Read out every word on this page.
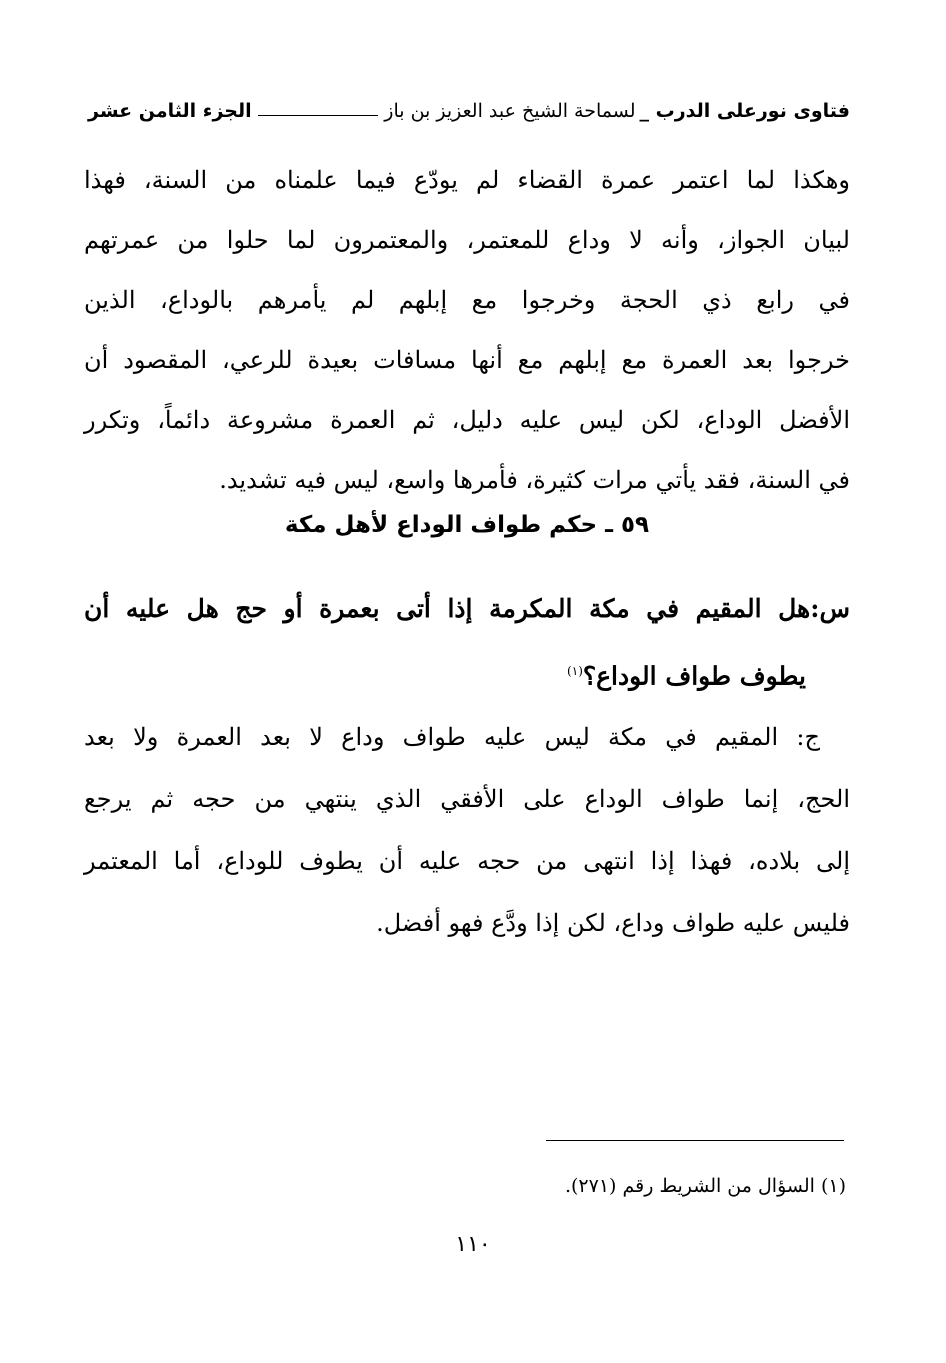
فتاوى نورعلى الدرب _
لسماحة الشيخ عبد العزيز بن باز
الجزء الثامن عشر
وهكذا لما اعتمر عمرة القضاء لم يودّع فيما علمناه من السنة، فهذا
لبيان الجواز، وأنه لا وداع للمعتمر، والمعتمرون لما حلوا من عمرتهم
في رابع ذي الحجة وخرجوا مع إبلهم لم يأمرهم بالوداع، الذين
خرجوا بعد العمرة مع إبلهم مع أنها مسافات بعيدة للرعي، المقصود أن
الأفضل الوداع، لكن ليس عليه دليل، ثم العمرة مشروعة دائماً، وتكرر
في السنة، فقد يأتي مرات كثيرة، فأمرها واسع، ليس فيه تشديد.
٥٩ ـ حكم طواف الوداع لأهل مكة
س:هل المقيم في مكة المكرمة إذا أتى بعمرة أو حج هل عليه أن
يطوف طواف الوداع؟$^{(١)}$
ج: المقيم في مكة ليس عليه طواف وداع لا بعد العمرة ولا بعد
الحج، إنما طواف الوداع على الأفقي الذي ينتهي من حجه ثم يرجع
إلى بلاده، فهذا إذا انتهى من حجه عليه أن يطوف للوداع، أما المعتمر
فليس عليه طواف وداع، لكن إذا ودَّع فهو أفضل.
(١) السؤال من الشريط رقم (٢٧١).
١١٠
